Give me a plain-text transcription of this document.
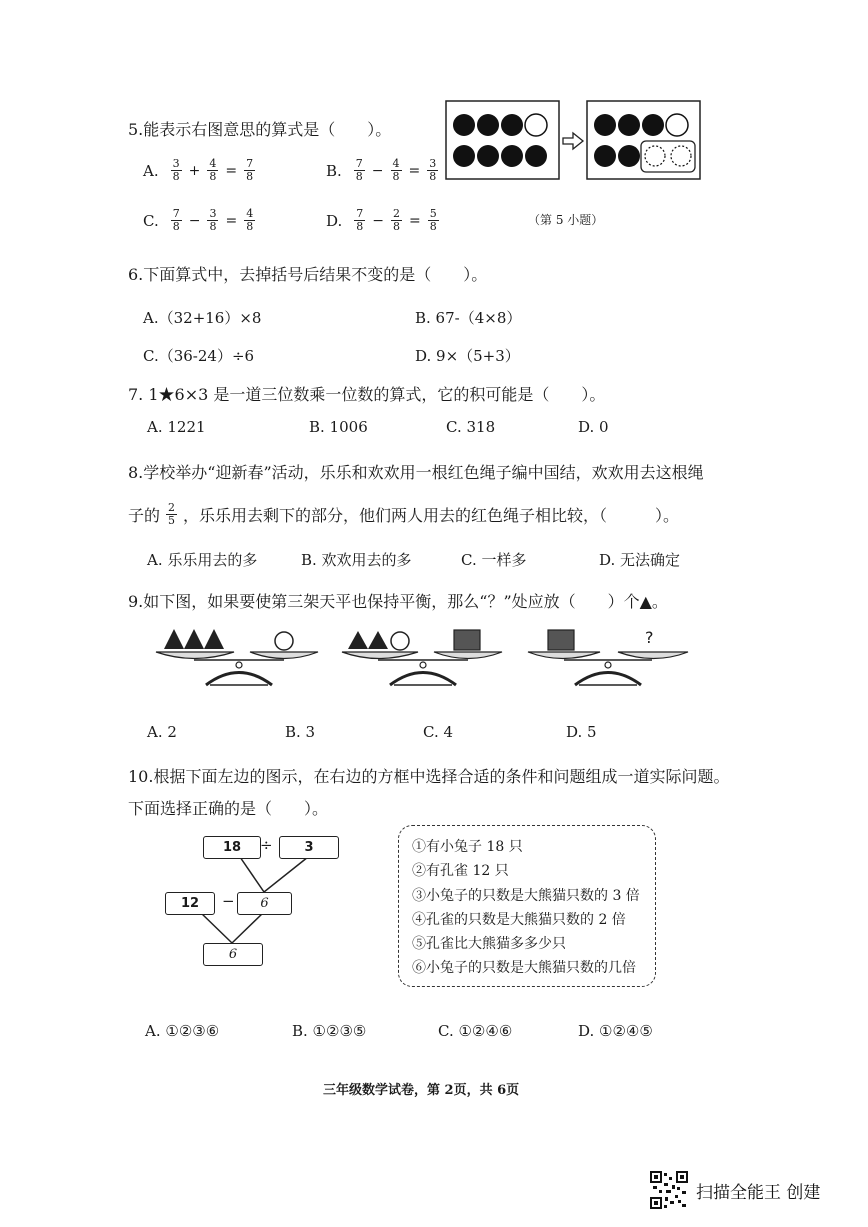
5.能表示右图意思的算式是（　　）。
A. $\frac{3}{8} + \frac{4}{8} = \frac{7}{8}$	B. $\frac{7}{8} - \frac{4}{8} = \frac{3}{8}$
C. $\frac{7}{8} - \frac{3}{8} = \frac{4}{8}$	D. $\frac{7}{8} - \frac{2}{8} = \frac{5}{8}$	（第 5 小题）
6.下面算式中，去掉括号后结果不变的是（　　）。
A.（32+16）×8	B. 67-（4×8）
C.（36-24）÷6	D. 9×（5+3）
7. 1★6×3 是一道三位数乘一位数的算式，它的积可能是（　　）。
A. 1221	B. 1006	C. 318	D. 0
8.学校举办“迎新春”活动，乐乐和欢欢用一根红色绳子编中国结，欢欢用去这根绳
子的 $\frac{2}{5}$ ，乐乐用去剩下的部分，他们两人用去的红色绳子相比较，（　　　）。
A. 乐乐用去的多	B. 欢欢用去的多	C. 一样多	D. 无法确定
9.如下图，如果要使第三架天平也保持平衡，那么“？”处应放（　　）个▲。
?
A. 2	B. 3	C. 4	D. 5
10.根据下面左边的图示，在右边的方框中选择合适的条件和问题组成一道实际问题。
下面选择正确的是（　　）。
18	÷	3
12	−	6
6
①有小兔子 18 只
②有孔雀 12 只
③小兔子的只数是大熊猫只数的 3 倍
④孔雀的只数是大熊猫只数的 2 倍
⑤孔雀比大熊猫多多少只
⑥小兔子的只数是大熊猫只数的几倍
A. ①②③⑥	B. ①②③⑤	C. ①②④⑥	D. ①②④⑤
三年级数学试卷，第 2页，共 6页
扫描全能王 创建
